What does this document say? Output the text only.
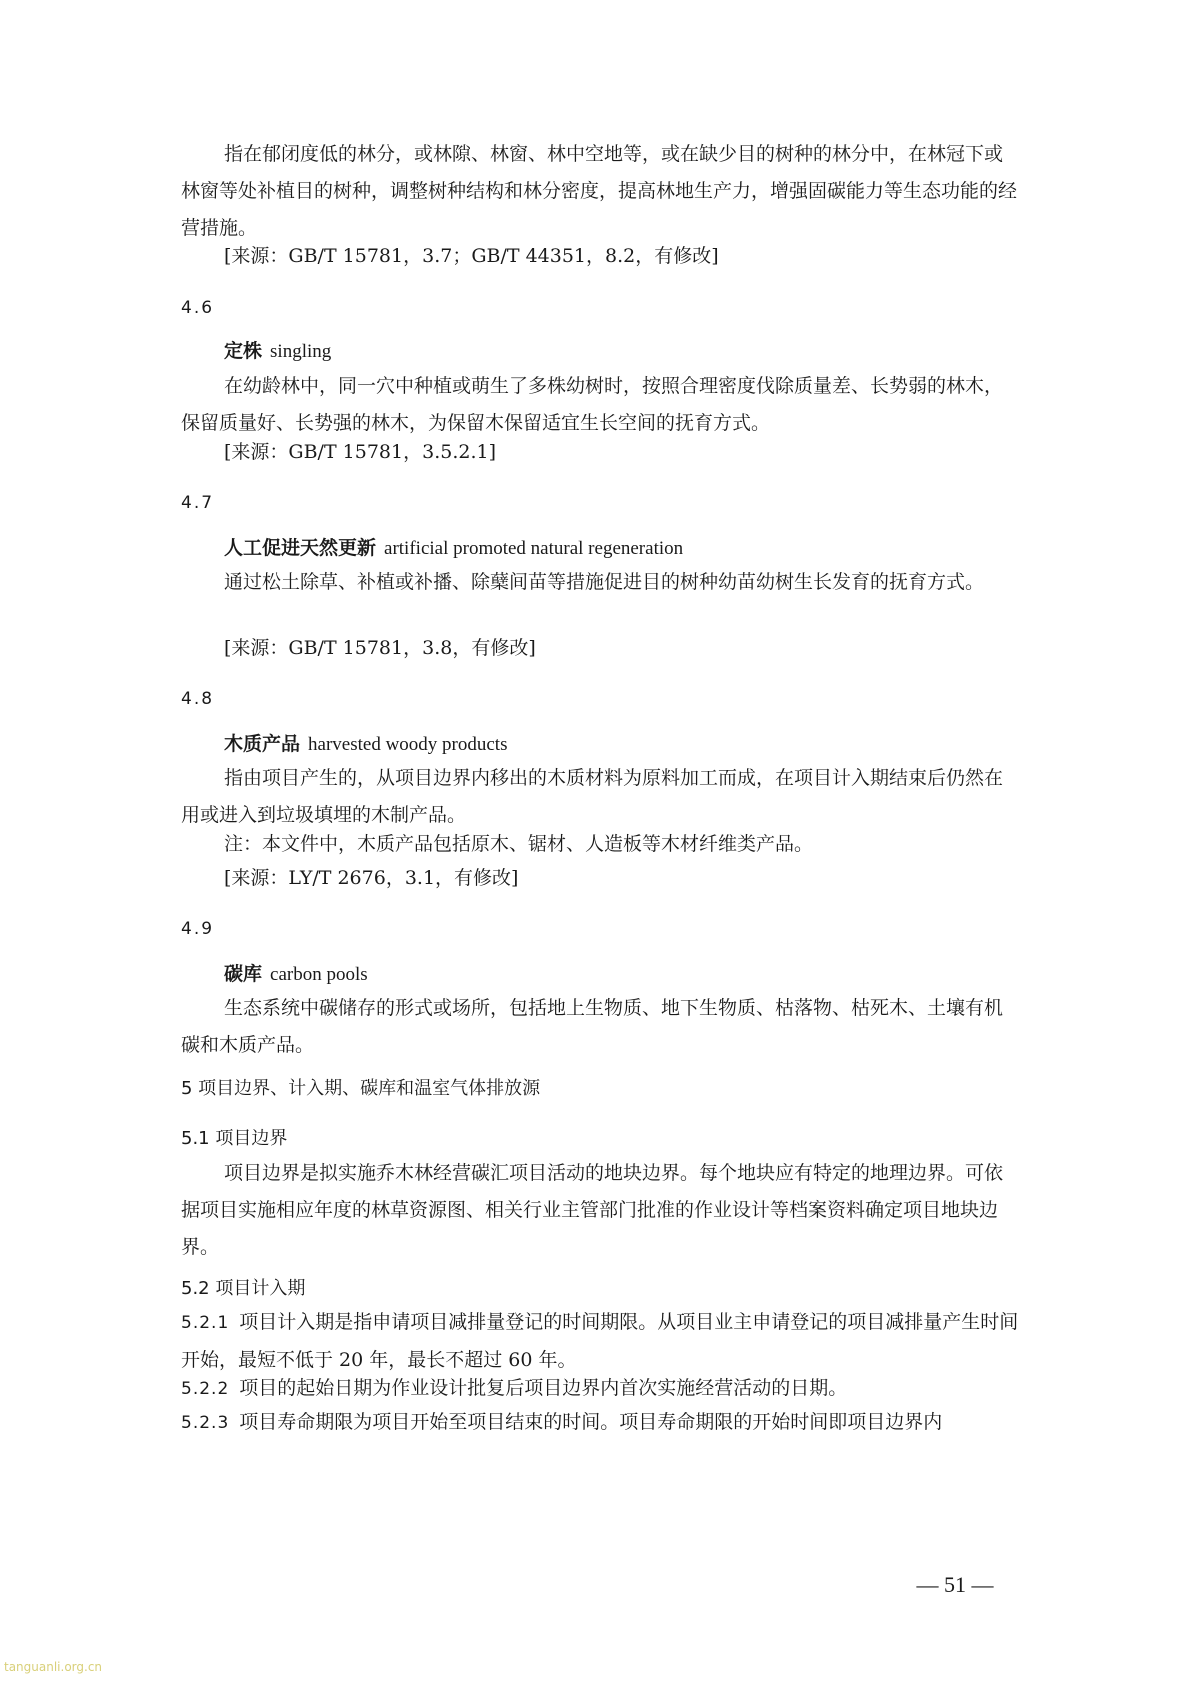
指在郁闭度低的林分，或林隙、林窗、林中空地等，或在缺少目的树种的林分中，在林冠下或林窗等处补植目的树种，调整树种结构和林分密度，提高林地生产力，增强固碳能力等生态功能的经营措施。

[来源：GB/T 15781，3.7；GB/T 44351，8.2，有修改]

4.6

定株 singling

在幼龄林中，同一穴中种植或萌生了多株幼树时，按照合理密度伐除质量差、长势弱的林木，保留质量好、长势强的林木，为保留木保留适宜生长空间的抚育方式。

[来源：GB/T 15781，3.5.2.1]

4.7

人工促进天然更新 artificial promoted natural regeneration

通过松土除草、补植或补播、除蘖间苗等措施促进目的树种幼苗幼树生长发育的抚育方式。

[来源：GB/T 15781，3.8，有修改]

4.8

木质产品 harvested woody products

指由项目产生的，从项目边界内移出的木质材料为原料加工而成，在项目计入期结束后仍然在用或进入到垃圾填埋的木制产品。

注：本文件中，木质产品包括原木、锯材、人造板等木材纤维类产品。

[来源：LY/T 2676，3.1，有修改]

4.9

碳库 carbon pools

生态系统中碳储存的形式或场所，包括地上生物质、地下生物质、枯落物、枯死木、土壤有机碳和木质产品。

5 项目边界、计入期、碳库和温室气体排放源

5.1 项目边界

项目边界是拟实施乔木林经营碳汇项目活动的地块边界。每个地块应有特定的地理边界。可依据项目实施相应年度的林草资源图、相关行业主管部门批准的作业设计等档案资料确定项目地块边界。

5.2 项目计入期

5.2.1 项目计入期是指申请项目减排量登记的时间期限。从项目业主申请登记的项目减排量产生时间开始，最短不低于 20 年，最长不超过 60 年。

5.2.2 项目的起始日期为作业设计批复后项目边界内首次实施经营活动的日期。

5.2.3 项目寿命期限为项目开始至项目结束的时间。项目寿命期限的开始时间即项目边界内

— 51 —
tanguanli.org.cn
